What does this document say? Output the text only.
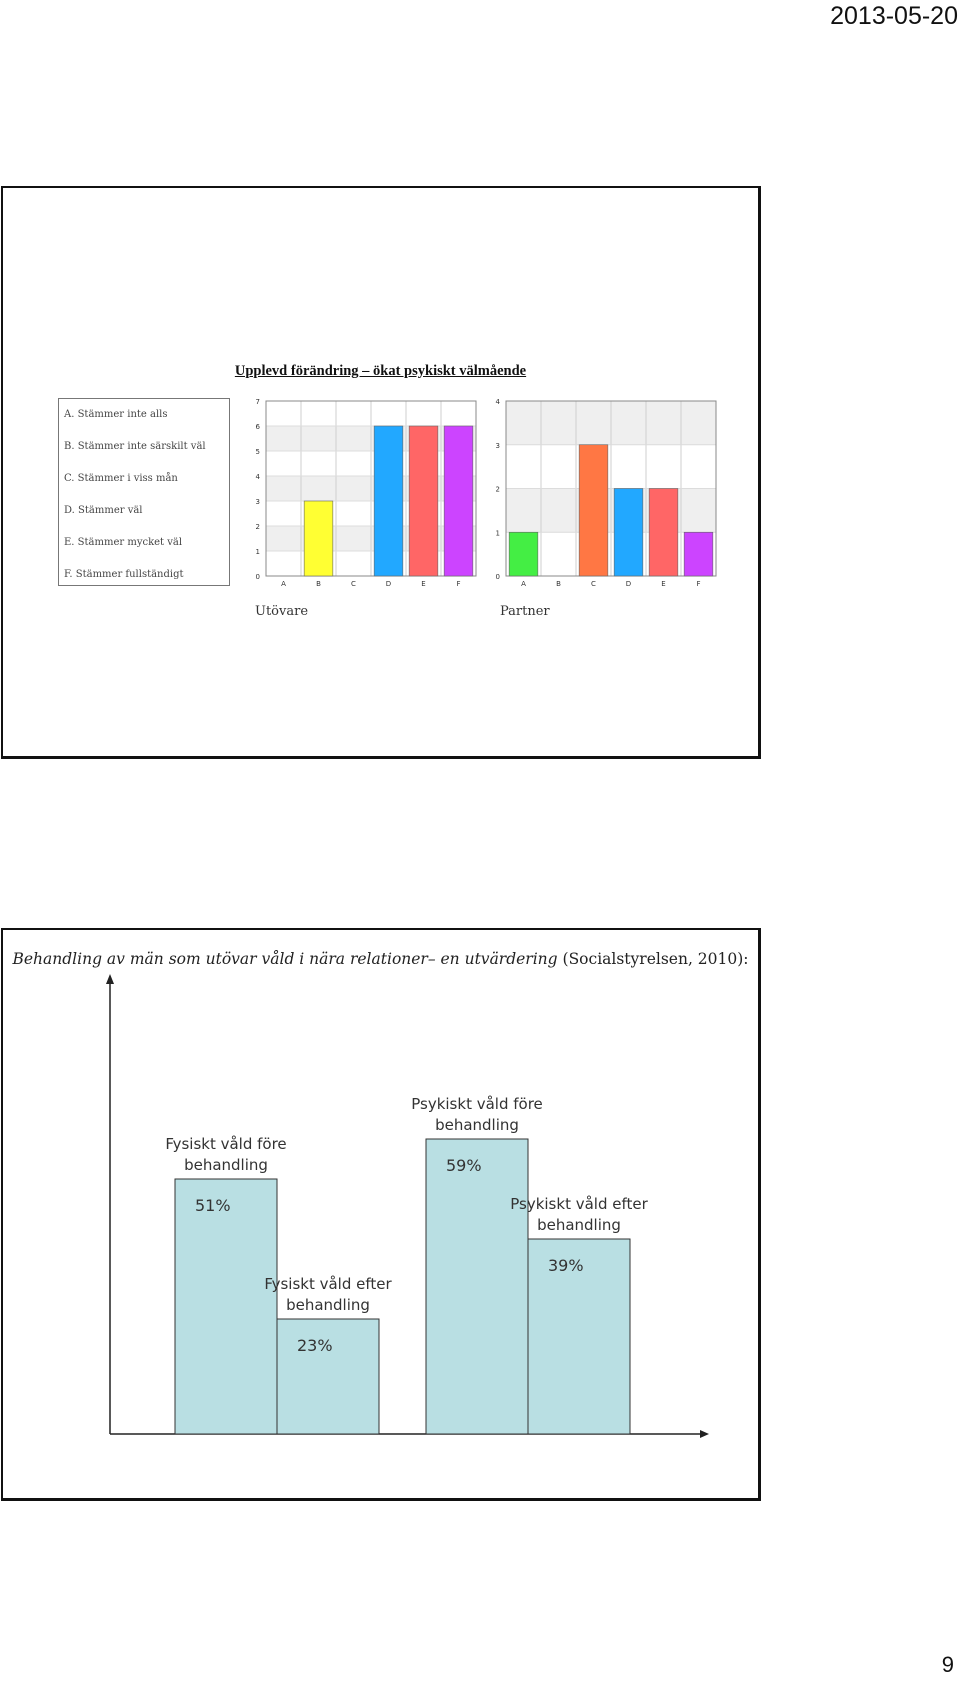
2013-05-20
Upplevd förändring – ökat psykiskt välmående
A. Stämmer inte alls
B. Stämmer inte särskilt väl
C. Stämmer i viss mån
D. Stämmer väl
E. Stämmer mycket väl
F. Stämmer fullständigt	0
1
2
3
4
5
6
7
A	B	C	D	E	F
Utövare
0
1
2
3
4
A	B	C	D	E	F
Partner
Behandling av män som utövar våld i nära relationer– en utvärdering (Socialstyrelsen, 2010):
51%
Fysiskt våld före
behandling
23%
Fysiskt våld efter
behandling
59%
Psykiskt våld före
behandling
39%
Psykiskt våld efter
behandling
9
